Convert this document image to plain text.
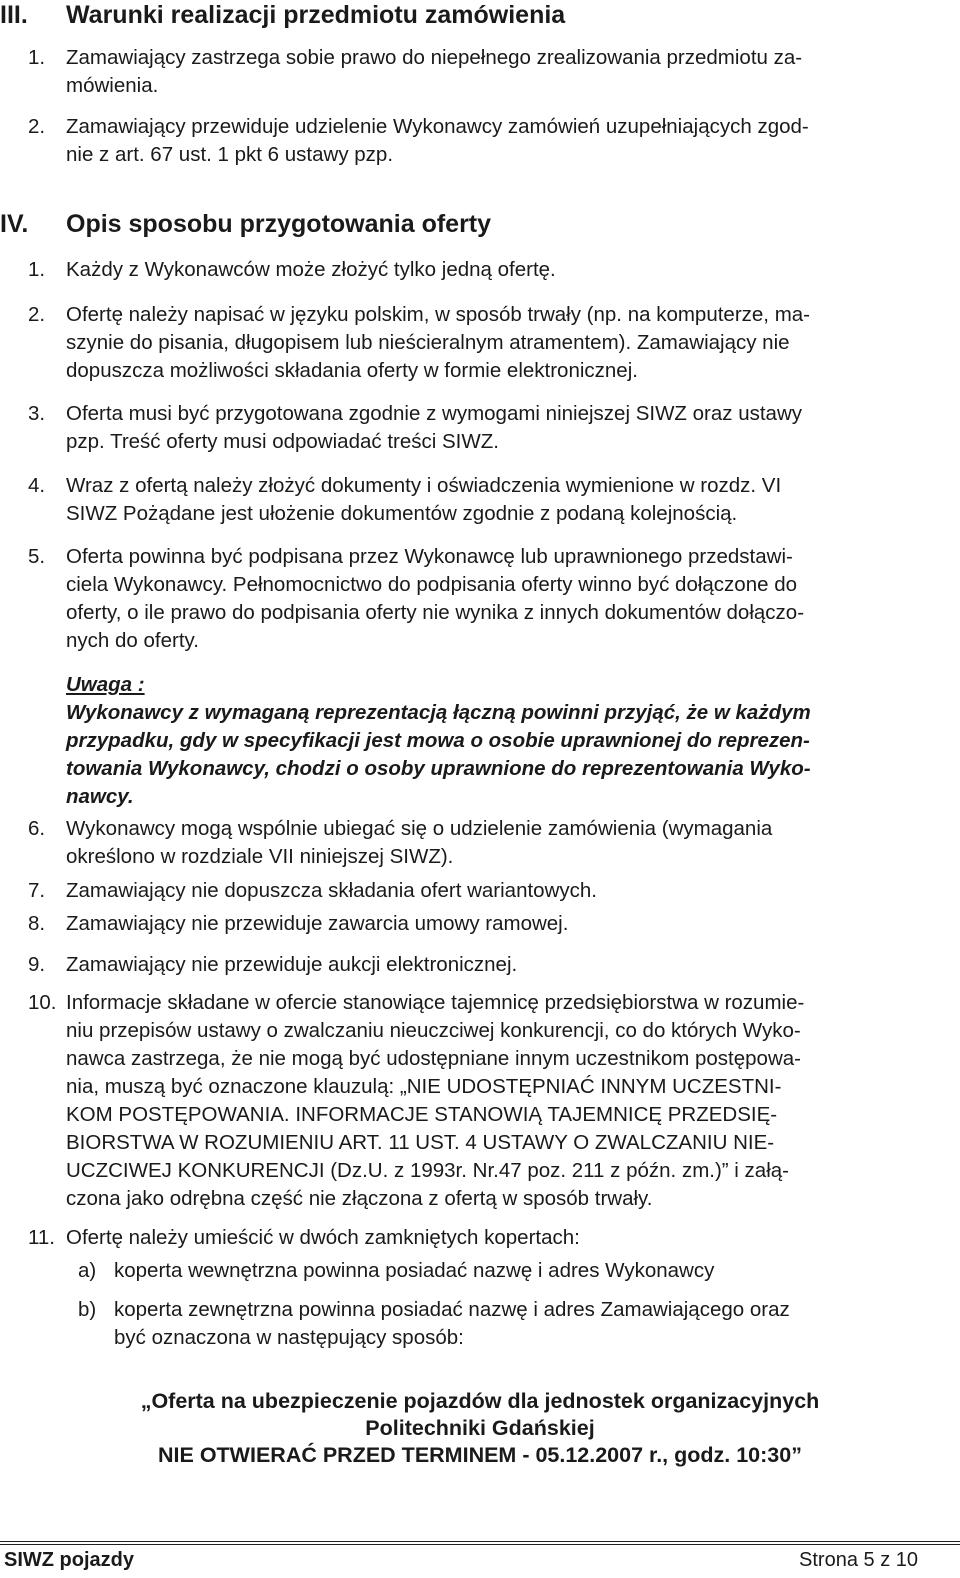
III.	Warunki realizacji przedmiotu zamówienia
1.	Zamawiający zastrzega sobie prawo do niepełnego zrealizowania przedmiotu za-
mówienia.
2.	Zamawiający przewiduje udzielenie Wykonawcy zamówień uzupełniających zgod-
nie z art. 67 ust. 1 pkt 6 ustawy pzp.
IV.	Opis sposobu przygotowania oferty
1.	Każdy z Wykonawców może złożyć tylko jedną ofertę.
2.	Ofertę należy napisać w języku polskim, w sposób trwały (np. na komputerze, ma-
szynie do pisania, długopisem lub nieścieralnym atramentem). Zamawiający nie
dopuszcza możliwości składania oferty w formie elektronicznej.
3.	Oferta musi być przygotowana zgodnie z wymogami niniejszej SIWZ oraz ustawy
pzp. Treść oferty musi odpowiadać treści SIWZ.
4.	Wraz z ofertą należy złożyć dokumenty i oświadczenia wymienione w rozdz. VI
SIWZ Pożądane jest ułożenie dokumentów zgodnie z podaną kolejnością.
5.	Oferta powinna być podpisana przez Wykonawcę lub uprawnionego przedstawi-
ciela Wykonawcy. Pełnomocnictwo do podpisania oferty winno być dołączone do
oferty, o ile prawo do podpisania oferty nie wynika z innych dokumentów dołączo-
nych do oferty.
Uwaga :
Wykonawcy z wymaganą reprezentacją łączną powinni przyjąć, że w każdym
przypadku, gdy w specyfikacji jest mowa o osobie uprawnionej do reprezen-
towania Wykonawcy, chodzi o osoby uprawnione do reprezentowania Wyko-
nawcy.
6.	Wykonawcy mogą wspólnie ubiegać się o udzielenie zamówienia (wymagania
określono w rozdziale VII niniejszej SIWZ).
7.	Zamawiający nie dopuszcza składania ofert wariantowych.
8.	Zamawiający nie przewiduje zawarcia umowy ramowej.
9.	Zamawiający nie przewiduje aukcji elektronicznej.
10. Informacje składane w ofercie stanowiące tajemnicę przedsiębiorstwa w rozumie-
niu przepisów ustawy o zwalczaniu nieuczciwej konkurencji, co do których Wyko-
nawca zastrzega, że nie mogą być udostępniane innym uczestnikom postępowa-
nia, muszą być oznaczone klauzulą: „NIE UDOSTĘPNIAĆ INNYM UCZESTNI-
KOM POSTĘPOWANIA. INFORMACJE STANOWIĄ TAJEMNICĘ PRZEDSIĘ-
BIORSTWA W ROZUMIENIU ART. 11 UST. 4 USTAWY O ZWALCZANIU NIE-
UCZCIWEJ KONKURENCJI (Dz.U. z 1993r. Nr.47 poz. 211 z późn. zm.)” i załą-
czona jako odrębna część nie złączona z ofertą w sposób trwały.
11. Ofertę należy umieścić w dwóch zamkniętych kopertach:
a) koperta wewnętrzna powinna posiadać nazwę i adres Wykonawcy
b) koperta zewnętrzna powinna posiadać nazwę i adres Zamawiającego oraz
być oznaczona w następujący sposób:
„Oferta na ubezpieczenie pojazdów dla jednostek organizacyjnych
Politechniki Gdańskiej
NIE OTWIERAĆ PRZED TERMINEM - 05.12.2007 r., godz. 10:30”
SIWZ pojazdy	Strona 5 z 10
